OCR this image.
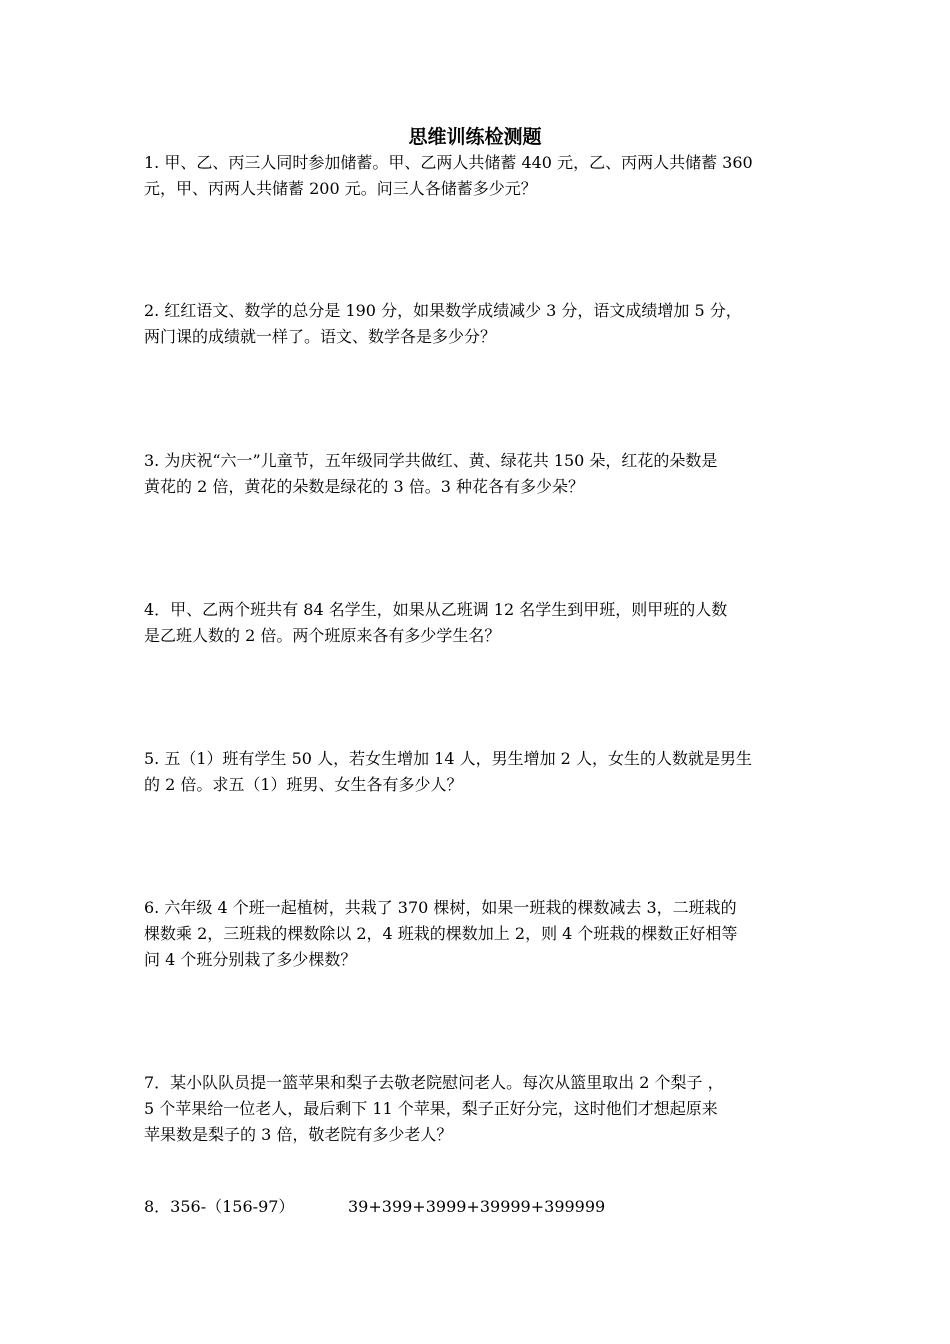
思维训练检测题
1. 甲、乙、丙三人同时参加储蓄。甲、乙两人共储蓄 440 元，乙、丙两人共储蓄 360
元，甲、丙两人共储蓄 200 元。问三人各储蓄多少元？
2. 红红语文、数学的总分是 190 分，如果数学成绩减少 3 分，语文成绩增加 5 分，
两门课的成绩就一样了。语文、数学各是多少分？
3. 为庆祝“六一”儿童节，五年级同学共做红、黄、绿花共 150 朵，红花的朵数是
黄花的 2 倍，黄花的朵数是绿花的 3 倍。3 种花各有多少朵？
4．甲、乙两个班共有 84 名学生，如果从乙班调 12 名学生到甲班，则甲班的人数
是乙班人数的 2 倍。两个班原来各有多少学生名？
5. 五（1）班有学生 50 人，若女生增加 14 人，男生增加 2 人，女生的人数就是男生
的 2 倍。求五（1）班男、女生各有多少人？
6. 六年级 4 个班一起植树，共栽了 370 棵树，如果一班栽的棵数减去 3，二班栽的
棵数乘 2，三班栽的棵数除以 2，4 班栽的棵数加上 2，则 4 个班栽的棵数正好相等
问 4 个班分别栽了多少棵数？
7．某小队队员提一篮苹果和梨子去敬老院慰问老人。每次从篮里取出 2 个梨子 ，
5 个苹果给一位老人，最后剩下 11 个苹果，梨子正好分完，这时他们才想起原来
苹果数是梨子的 3 倍，敬老院有多少老人？
8．356-（156-97）	39+399+3999+39999+399999
